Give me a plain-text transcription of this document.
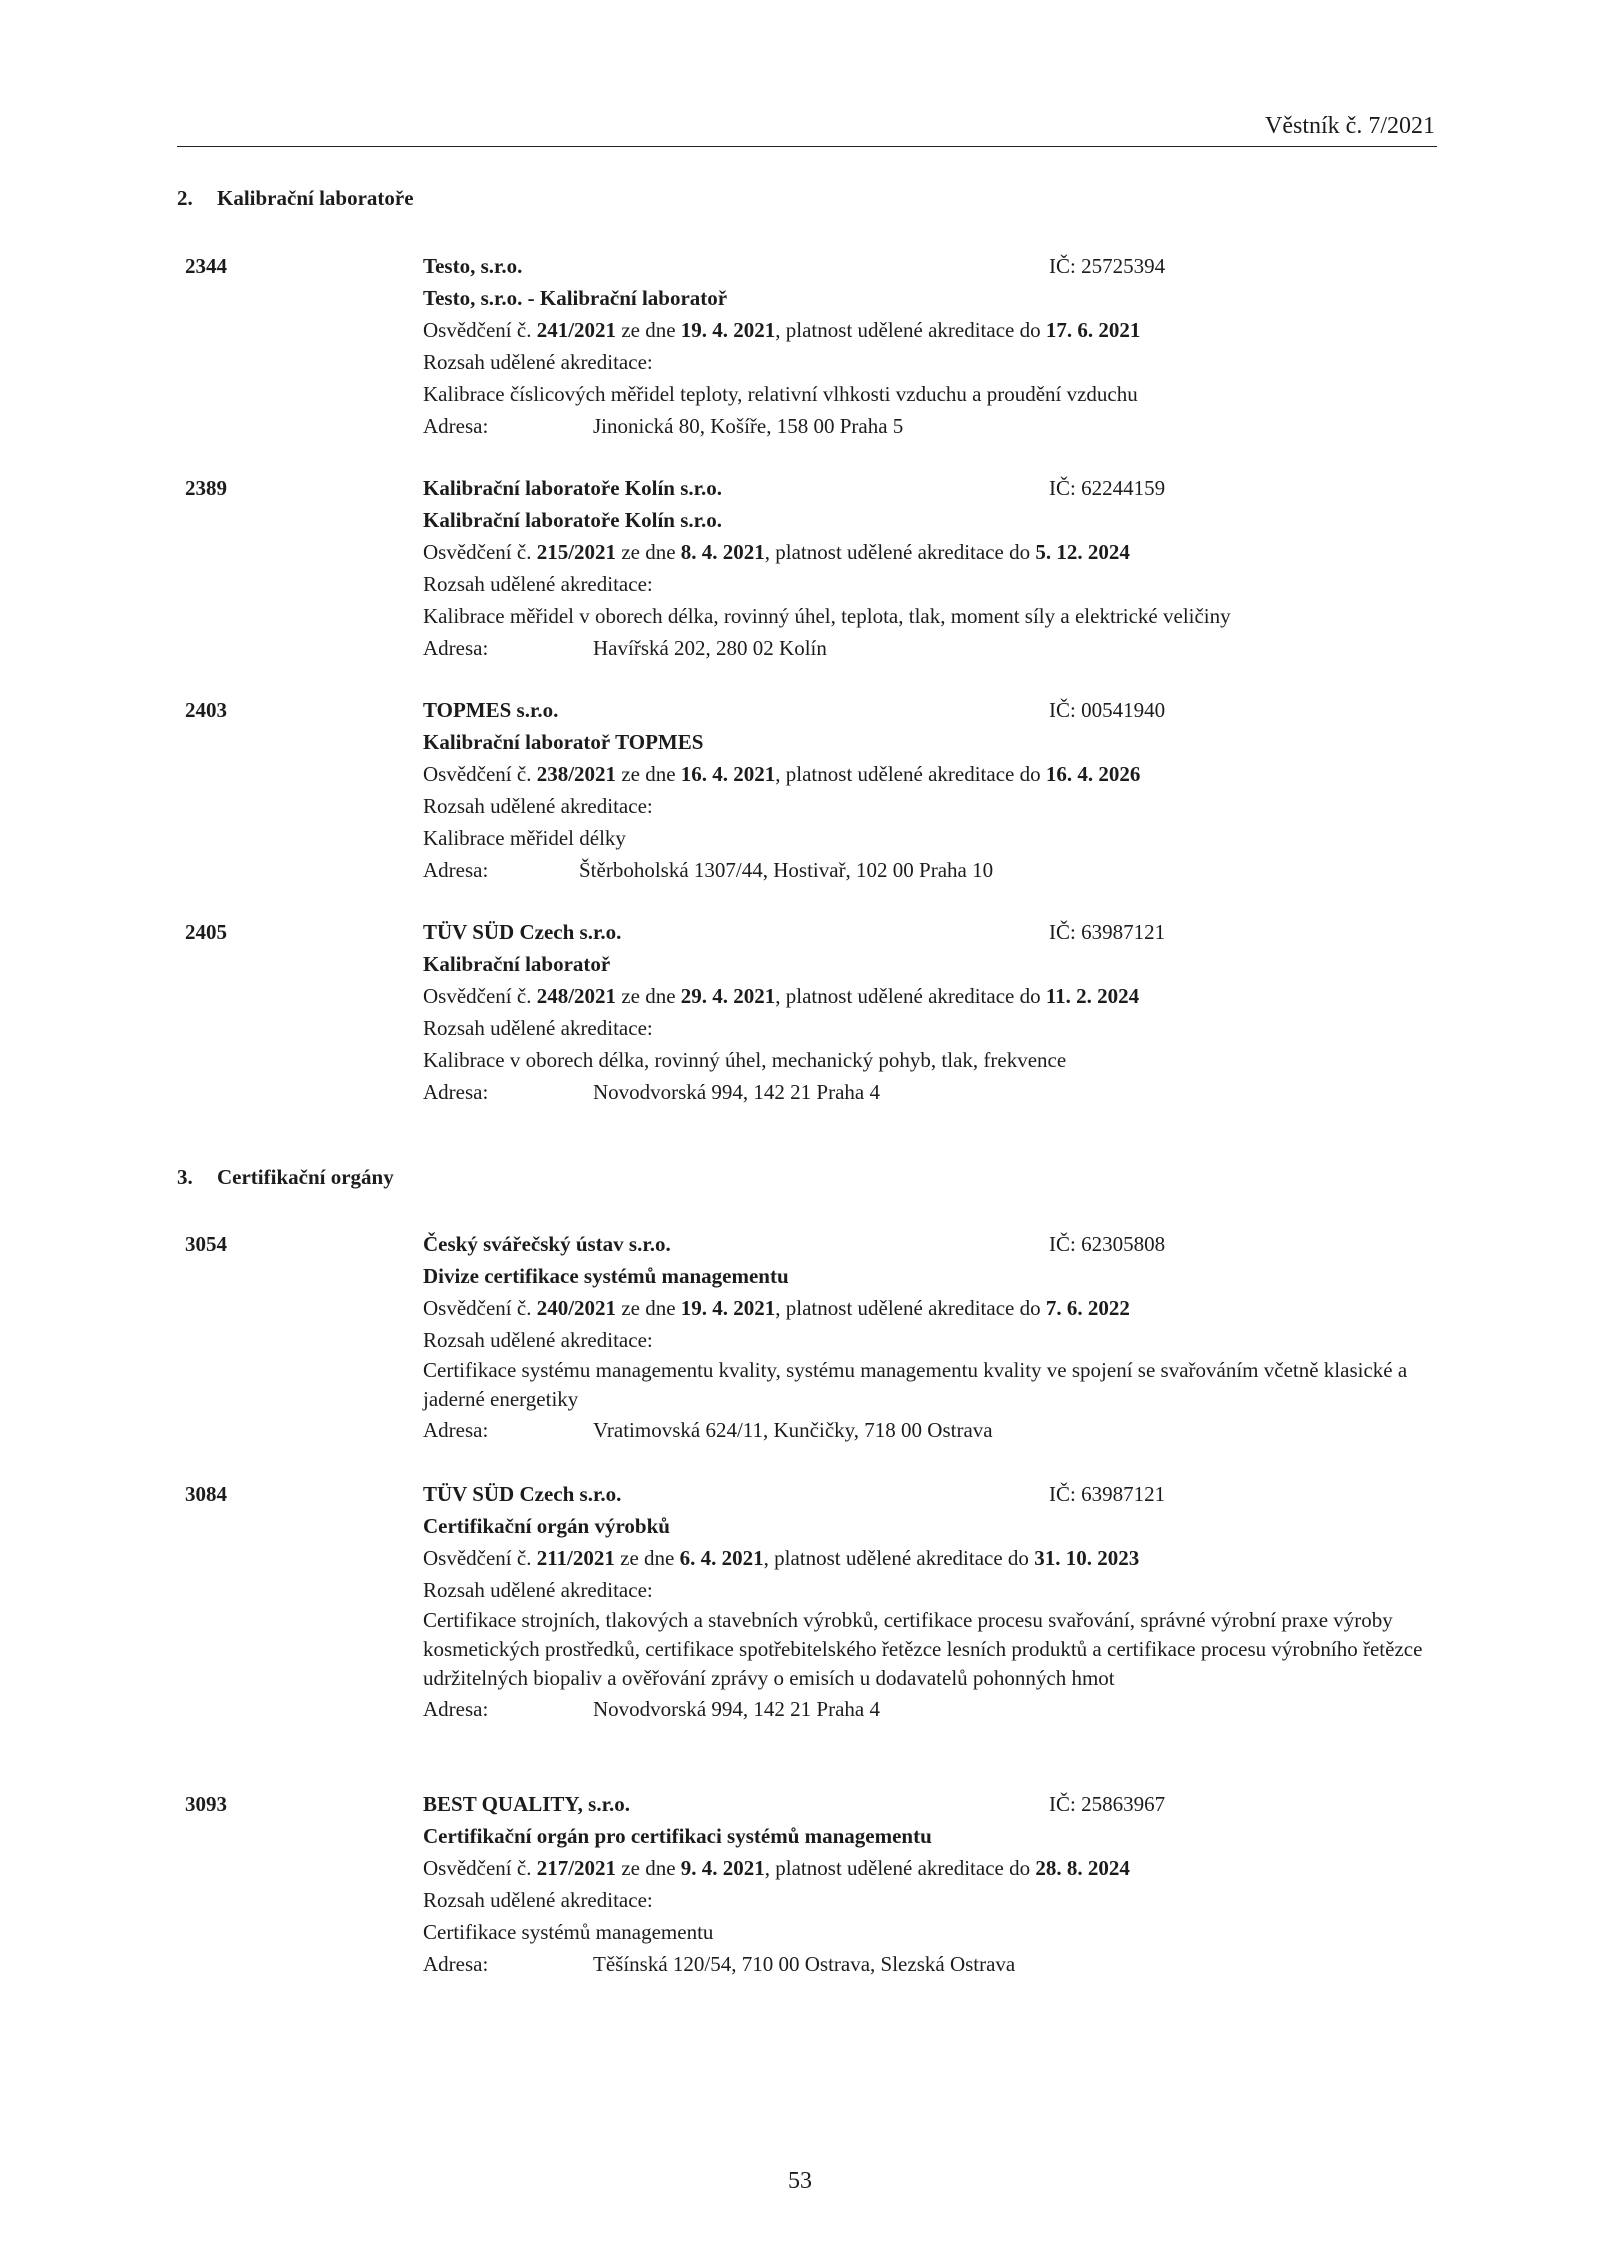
Věstník č. 7/2021
2. Kalibrační laboratoře
2344	Testo, s.r.o.	IČ: 25725394
Testo, s.r.o. - Kalibrační laboratoř
Osvědčení č. 241/2021 ze dne 19. 4. 2021, platnost udělené akreditace do 17. 6. 2021
Rozsah udělené akreditace:
Kalibrace číslicových měřidel teploty, relativní vlhkosti vzduchu a proudění vzduchu
Adresa:	Jinonická 80, Košíře, 158 00 Praha 5
2389	Kalibrační laboratoře Kolín s.r.o.	IČ: 62244159
Kalibrační laboratoře Kolín s.r.o.
Osvědčení č. 215/2021 ze dne 8. 4. 2021, platnost udělené akreditace do 5. 12. 2024
Rozsah udělené akreditace:
Kalibrace měřidel v oborech délka, rovinný úhel, teplota, tlak, moment síly a elektrické veličiny
Adresa:	Havířská 202, 280 02 Kolín
2403	TOPMES s.r.o.	IČ: 00541940
Kalibrační laboratoř TOPMES
Osvědčení č. 238/2021 ze dne 16. 4. 2021, platnost udělené akreditace do 16. 4. 2026
Rozsah udělené akreditace:
Kalibrace měřidel délky
Adresa:	Štěrboholská 1307/44, Hostivař, 102 00 Praha 10
2405	TÜV SÜD Czech s.r.o.	IČ: 63987121
Kalibrační laboratoř
Osvědčení č. 248/2021 ze dne 29. 4. 2021, platnost udělené akreditace do 11. 2. 2024
Rozsah udělené akreditace:
Kalibrace v oborech délka, rovinný úhel, mechanický pohyb, tlak, frekvence
Adresa:	Novodvorská 994, 142 21 Praha 4
3. Certifikační orgány
3054	Český svářečský ústav s.r.o.	IČ: 62305808
Divize certifikace systémů managementu
Osvědčení č. 240/2021 ze dne 19. 4. 2021, platnost udělené akreditace do 7. 6. 2022
Rozsah udělené akreditace:
Certifikace systému managementu kvality, systému managementu kvality ve spojení se svařováním včetně klasické a jaderné energetiky
Adresa:	Vratimovská 624/11, Kunčičky, 718 00 Ostrava
3084	TÜV SÜD Czech s.r.o.	IČ: 63987121
Certifikační orgán výrobků
Osvědčení č. 211/2021 ze dne 6. 4. 2021, platnost udělené akreditace do 31. 10. 2023
Rozsah udělené akreditace:
Certifikace strojních, tlakových a stavebních výrobků, certifikace procesu svařování, správné výrobní praxe výroby kosmetických prostředků, certifikace spotřebitelského řetězce lesních produktů a certifikace procesu výrobního řetězce udržitelných biopaliv a ověřování zprávy o emisích u dodavatelů pohonných hmot
Adresa:	Novodvorská 994, 142 21 Praha 4
3093	BEST QUALITY, s.r.o.	IČ: 25863967
Certifikační orgán pro certifikaci systémů managementu
Osvědčení č. 217/2021 ze dne 9. 4. 2021, platnost udělené akreditace do 28. 8. 2024
Rozsah udělené akreditace:
Certifikace systémů managementu
Adresa:	Těšínská 120/54, 710 00 Ostrava, Slezská Ostrava
53
